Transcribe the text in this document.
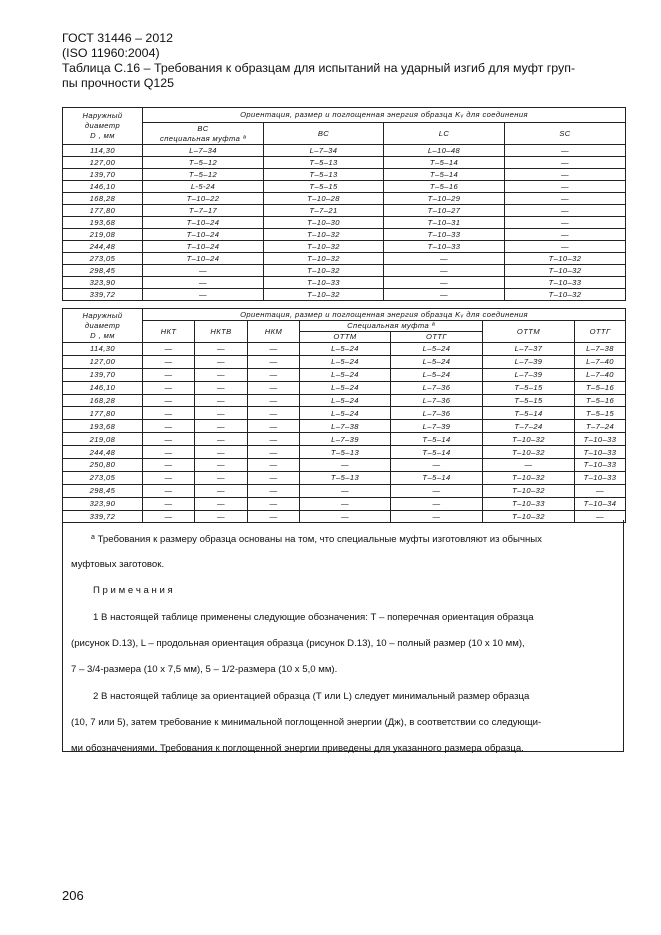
ГОСТ 31446 – 2012
(ISO 11960:2004)
Таблица С.16 – Требования к образцам для испытаний на ударный изгиб для муфт груп-
пы прочности Q125
Наружный
диаметр
D , мм	Ориентация, размер и поглощенная энергия образца Kᵥ для соединения			

	BC
специальная муфта ª	BC	LC	SC
114,30	L–7–34	L–7–34	L–10–48	—
127,00	T–5–12	T–5–13	T–5–14	—
139,70	T–5–12	T–5–13	T–5–14	—
146,10	L-5-24	T–5–15	T–5–16	—
168,28	T–10–22	T–10–28	T–10–29	—
177,80	T–7–17	T–7–21	T–10–27	—
193,68	T–10–24	T–10–30	T–10–31	—
219,08	T–10–24	T–10–32	T–10–33	—
244,48	T–10–24	T–10–32	T–10–33	—
273,05	T–10–24	T–10–32	—	T–10–32
298,45	—	T–10–32	—	T–10–32
323,90	—	T–10–33	—	T–10–33
339,72	—	T–10–32	—	T–10–32
Наружный
диаметр
D , мм	Ориентация, размер и поглощенная энергия образца Kᵥ для соединения						
	НКТ	НКТВ	НКМ	Специальная муфта ª		ОТТМ	ОТТГ
				ОТТМ	ОТТГ		
114,30	—	—	—	L–5–24	L–5–24	L–7–37	L–7–38
127,00	—	—	—	L–5–24	L–5–24	L–7–39	L–7–40
139,70	—	—	—	L–5–24	L–5–24	L–7–39	L–7–40
146,10	—	—	—	L–5–24	L–7–36	T–5–15	T–5–16
168,28	—	—	—	L–5–24	L–7–36	T–5–15	T–5–16
177,80	—	—	—	L–5–24	L–7–36	T–5–14	T–5–15
193,68	—	—	—	L–7–38	L–7–39	T–7–24	T–7–24
219,08	—	—	—	L–7–39	T–5–14	T–10–32	T–10–33
244,48	—	—	—	T–5–13	T–5–14	T–10–32	T–10–33
250,80	—	—	—	—	—	—	T–10–33
273,05	—	—	—	T–5–13	T–5–14	T–10–32	T–10–33
298,45	—	—	—	—	—	T–10–32	—
323,90	—	—	—	—	—	T–10–33	T–10–34
339,72	—	—	—	—	—	T–10–32	—
$^а$ Требования к размеру образца основаны на том, что специальные муфты изготовляют из обычных
муфтовых заготовок.
П р и м е ч а н и я
1 В настоящей таблице применены следующие обозначения: Т – поперечная ориентация образца
(рисунок D.13), L – продольная ориентация образца (рисунок D.13), 10 – полный размер (10 x 10 мм),
7 – 3/4-размера (10 x 7,5 мм), 5 – 1/2-размера (10 x 5,0 мм).
2 В настоящей таблице за ориентацией образца (Т или L) следует минимальный размер образца
(10, 7 или 5), затем требование к минимальной поглощенной энергии (Дж), в соответствии со следующи-
ми обозначениями. Требования к поглощенной энергии приведены для указанного размера образца.
206
